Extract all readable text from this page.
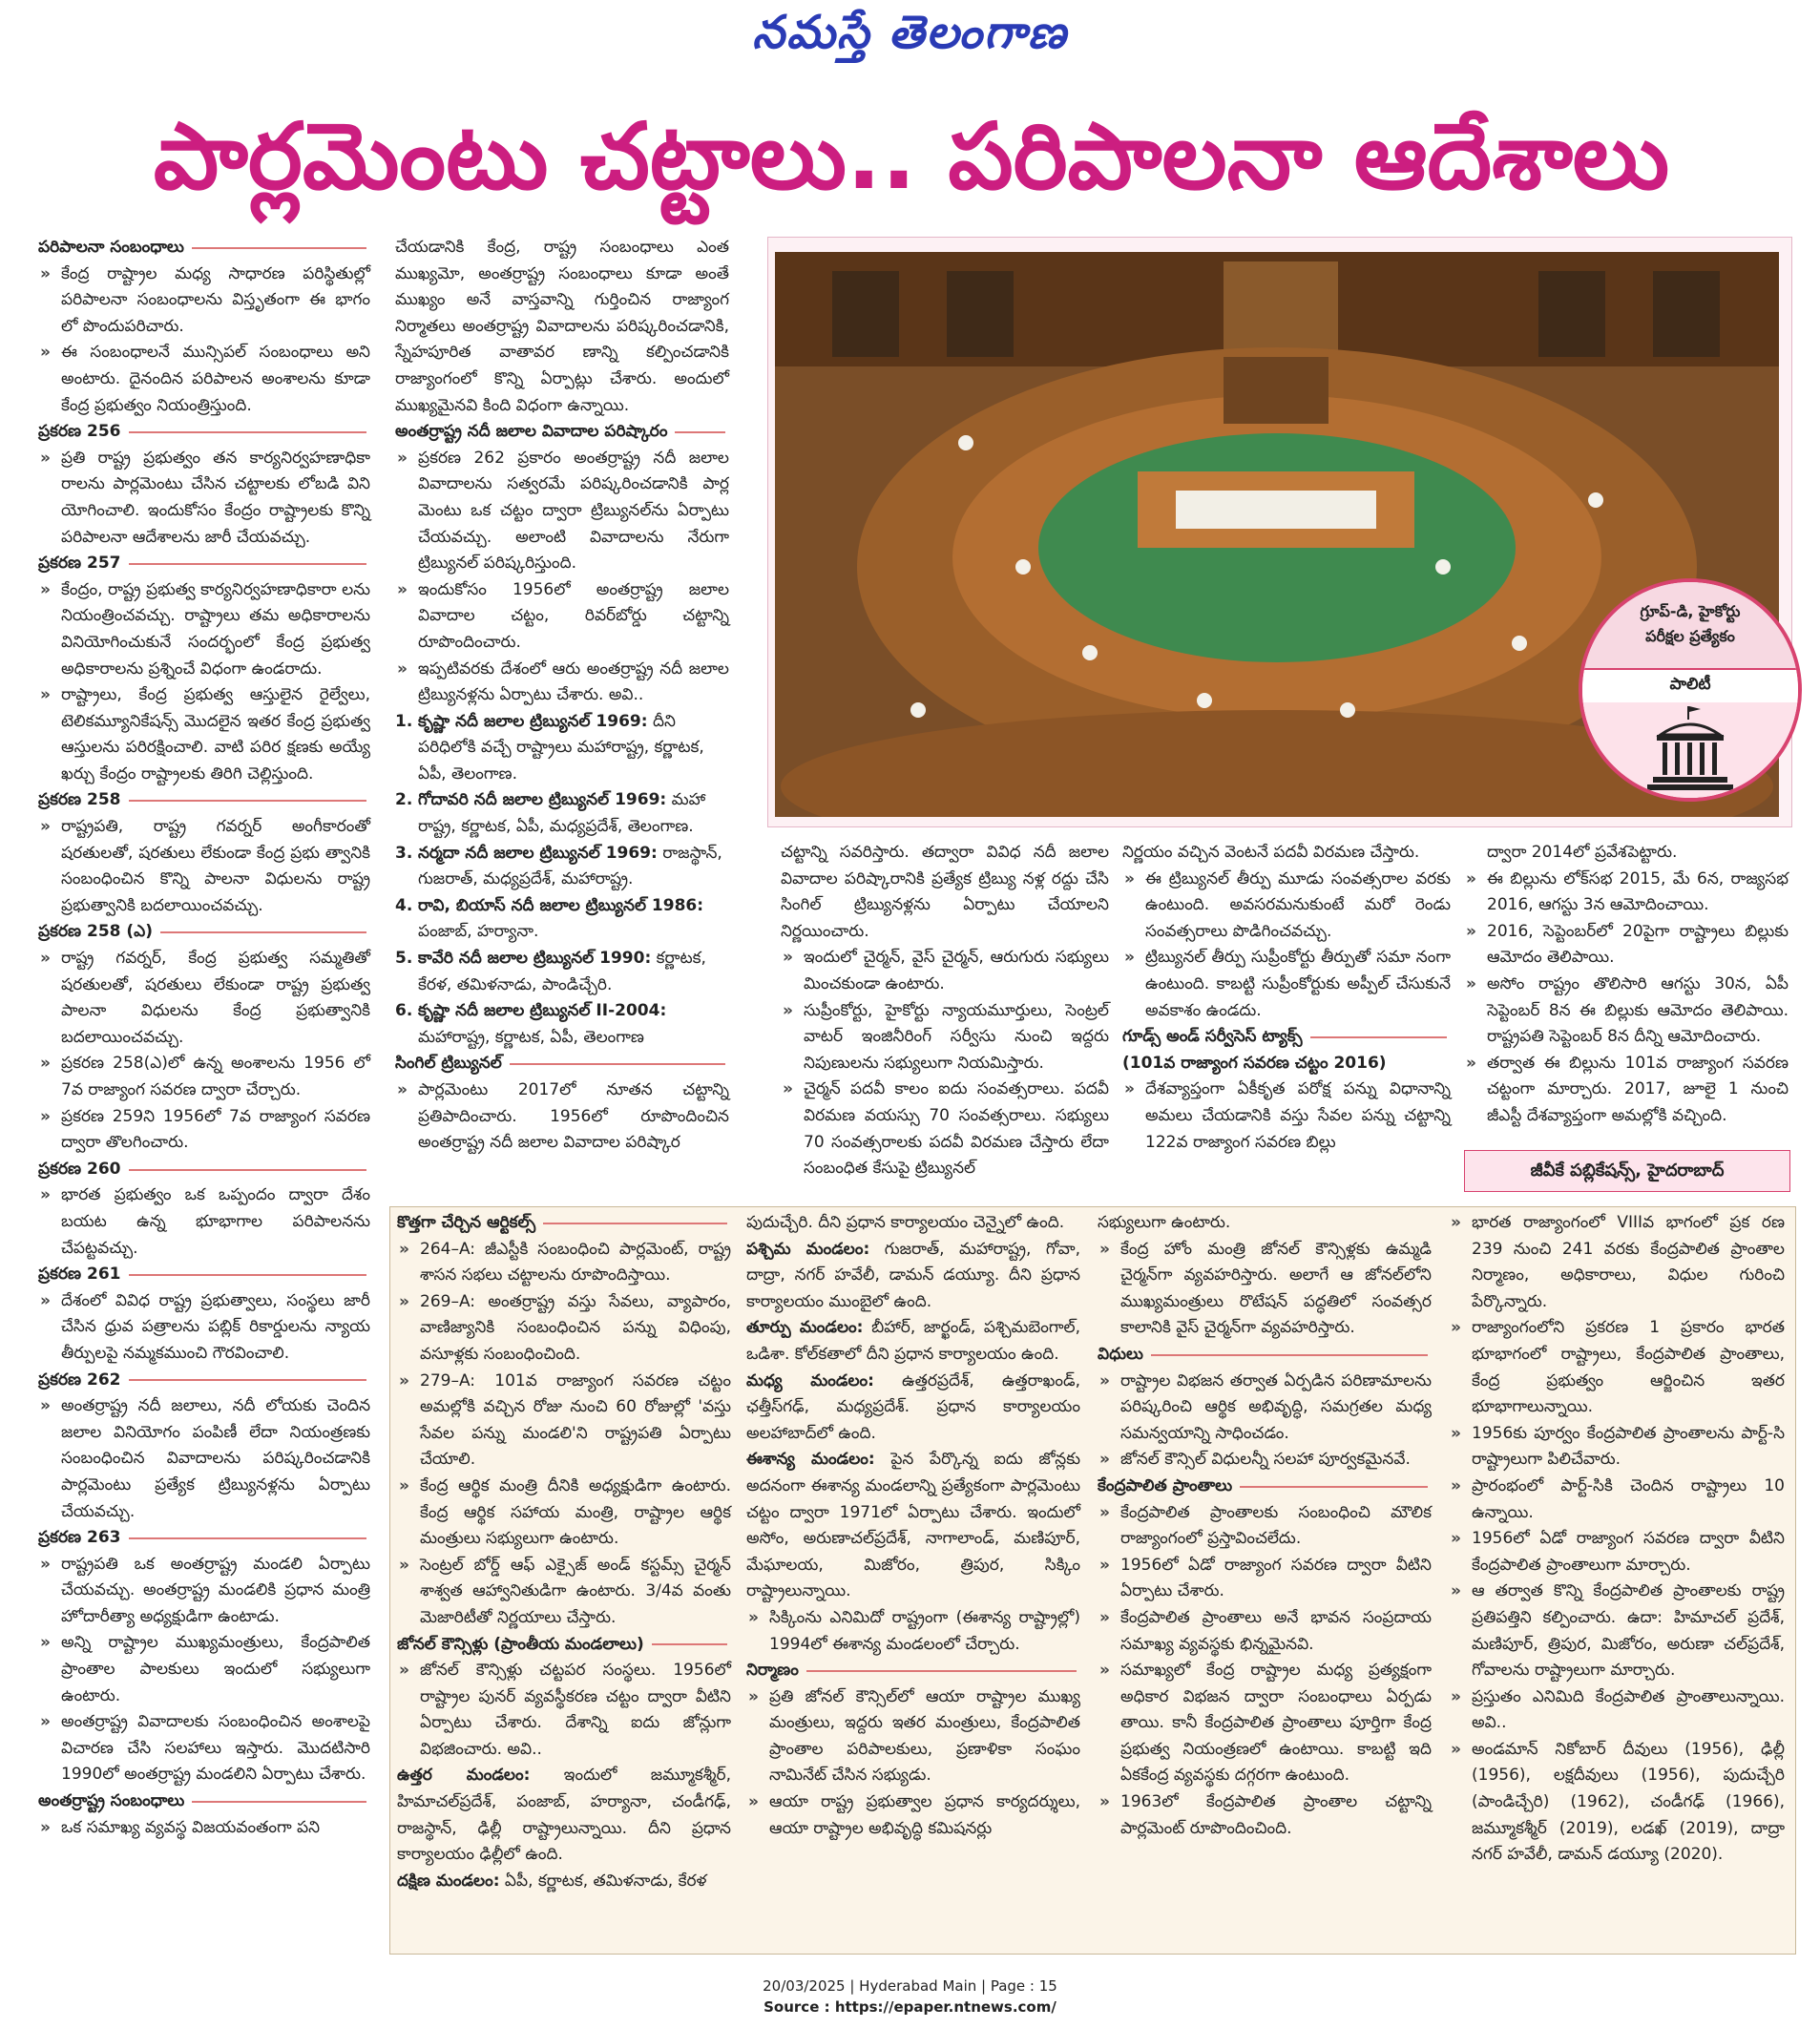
నమస్తే తెలంగాణ
పార్లమెంటు చట్టాలు.. పరిపాలనా ఆదేశాలు

పరిపాలనా సంబంధాలు

» కేంద్ర రాష్ట్రాల మధ్య సాధారణ పరిస్థితుల్లో పరిపాలనా సంబంధాలను విస్తృతంగా ఈ భాగం లో పొందుపరిచారు.

» ఈ సంబంధాలనే మున్సిపల్ సంబంధాలు అని అంటారు. దైనందిన పరిపాలన అంశాలను కూడా కేంద్ర ప్రభుత్వం నియంత్రిస్తుంది.

ప్రకరణ 256

» ప్రతి రాష్ట్ర ప్రభుత్వం తన కార్యనిర్వహణాధికా రాలను పార్లమెంటు చేసిన చట్టాలకు లోబడి విని యోగించాలి. ఇందుకోసం కేంద్రం రాష్ట్రాలకు కొన్ని పరిపాలనా ఆదేశాలను జారీ చేయవచ్చు.

ప్రకరణ 257

» కేంద్రం, రాష్ట్ర ప్రభుత్వ కార్యనిర్వహణాధికారా లను నియంత్రించవచ్చు. రాష్ట్రాలు తమ అధికారాలను వినియోగించుకునే సందర్భంలో కేంద్ర ప్రభుత్వ అధికారాలను ప్రశ్నించే విధంగా ఉండరాదు.

» రాష్ట్రాలు, కేంద్ర ప్రభుత్వ ఆస్తులైన రైల్వేలు, టెలికమ్యూనికేషన్స్ మొదలైన ఇతర కేంద్ర ప్రభుత్వ ఆస్తులను పరిరక్షించాలి. వాటి పరిర క్షణకు అయ్యే ఖర్చు కేంద్రం రాష్ట్రాలకు తిరిగి చెల్లిస్తుంది.

ప్రకరణ 258

» రాష్ట్రపతి, రాష్ట్ర గవర్నర్ అంగీకారంతో షరతులతో, షరతులు లేకుండా కేంద్ర ప్రభు త్వానికి సంబంధించిన కొన్ని పాలనా విధులను రాష్ట్ర ప్రభుత్వానికి బదలాయించవచ్చు.

ప్రకరణ 258 (ఎ)

» రాష్ట్ర గవర్నర్, కేంద్ర ప్రభుత్వ సమ్మతితో షరతులతో, షరతులు లేకుండా రాష్ట్ర ప్రభుత్వ పాలనా విధులను కేంద్ర ప్రభుత్వానికి బదలాయించవచ్చు.

» ప్రకరణ 258(ఎ)లో ఉన్న అంశాలను 1956 లో 7వ రాజ్యాంగ సవరణ ద్వారా చేర్చారు.

» ప్రకరణ 259ని 1956లో 7వ రాజ్యాంగ సవరణ ద్వారా తొలగించారు.

ప్రకరణ 260

» భారత ప్రభుత్వం ఒక ఒప్పందం ద్వారా దేశం బయట ఉన్న భూభాగాల పరిపాలనను చేపట్టవచ్చు.

ప్రకరణ 261

» దేశంలో వివిధ రాష్ట్ర ప్రభుత్వాలు, సంస్థలు జారీ చేసిన ధ్రువ పత్రాలను పబ్లిక్ రికార్డులను న్యాయ తీర్పులపై నమ్మకముంచి గౌరవించాలి.

ప్రకరణ 262

» అంతర్రాష్ట్ర నదీ జలాలు, నదీ లోయకు చెందిన జలాల వినియోగం పంపిణీ లేదా నియంత్రణకు సంబంధించిన వివాదాలను పరిష్కరించడానికి పార్లమెంటు ప్రత్యేక ట్రిబ్యునళ్లను ఏర్పాటు చేయవచ్చు.

ప్రకరణ 263

» రాష్ట్రపతి ఒక అంతర్రాష్ట్ర మండలి ఏర్పాటు చేయవచ్చు. అంతర్రాష్ట్ర మండలికి ప్రధాన మంత్రి హోదారీత్యా అధ్యక్షుడిగా ఉంటాడు.

» అన్ని రాష్ట్రాల ముఖ్యమంత్రులు, కేంద్రపాలిత ప్రాంతాల పాలకులు ఇందులో సభ్యులుగా ఉంటారు.

» అంతర్రాష్ట్ర వివాదాలకు సంబంధించిన అంశాలపై విచారణ చేసి సలహాలు ఇస్తారు. మొదటిసారి 1990లో అంతర్రాష్ట్ర మండలిని ఏర్పాటు చేశారు.

అంతర్రాష్ట్ర సంబంధాలు

» ఒక సమాఖ్య వ్యవస్థ విజయవంతంగా పని

చేయడానికి కేంద్ర, రాష్ట్ర సంబంధాలు ఎంత ముఖ్యమో, అంతర్రాష్ట్ర సంబంధాలు కూడా అంతే ముఖ్యం అనే వాస్తవాన్ని గుర్తించిన రాజ్యాంగ నిర్మాతలు అంతర్రాష్ట్ర వివాదాలను పరిష్కరించడానికి, స్నేహపూరిత వాతావర ణాన్ని కల్పించడానికి రాజ్యాంగంలో కొన్ని ఏర్పాట్లు చేశారు. అందులో ముఖ్యమైనవి కింది విధంగా ఉన్నాయి.

అంతర్రాష్ట్ర నదీ జలాల వివాదాల పరిష్కారం

» ప్రకరణ 262 ప్రకారం అంతర్రాష్ట్ర నదీ జలాల వివాదాలను సత్వరమే పరిష్కరించడానికి పార్ల మెంటు ఒక చట్టం ద్వారా ట్రిబ్యునల్‌ను ఏర్పాటు చేయవచ్చు. అలాంటి వివాదాలను నేరుగా ట్రిబ్యునల్ పరిష్కరిస్తుంది.

» ఇందుకోసం 1956లో అంతర్రాష్ట్ర జలాల వివాదాల చట్టం, రివర్‌బోర్డు చట్టాన్ని రూపొందించారు.

» ఇప్పటివరకు దేశంలో ఆరు అంతర్రాష్ట్ర నదీ జలాల ట్రిబ్యునళ్లను ఏర్పాటు చేశారు. అవి..

1. కృష్ణా నదీ జలాల ట్రిబ్యునల్ 1969: దీని పరిధిలోకి వచ్చే రాష్ట్రాలు మహారాష్ట్ర, కర్ణాటక, ఏపీ, తెలంగాణ.

2. గోదావరి నదీ జలాల ట్రిబ్యునల్ 1969: మహా రాష్ట్ర, కర్ణాటక, ఏపీ, మధ్యప్రదేశ్, తెలంగాణ.

3. నర్మదా నదీ జలాల ట్రిబ్యునల్ 1969: రాజస్థాన్, గుజరాత్, మధ్యప్రదేశ్, మహారాష్ట్ర.

4. రావి, బియాస్ నదీ జలాల ట్రిబ్యునల్ 1986: పంజాబ్, హర్యానా.

5. కావేరి నదీ జలాల ట్రిబ్యునల్ 1990: కర్ణాటక, కేరళ, తమిళనాడు, పాండిచ్చేరి.

6. కృష్ణా నదీ జలాల ట్రిబ్యునల్ II-2004: మహారాష్ట్ర, కర్ణాటక, ఏపీ, తెలంగాణ

సింగిల్ ట్రిబ్యునల్

» పార్లమెంటు 2017లో నూతన చట్టాన్ని ప్రతిపాదించారు. 1956లో రూపొందించిన అంతర్రాష్ట్ర నదీ జలాల వివాదాల పరిష్కార

గ్రూప్-డి, హైకోర్టు
పరీక్షల ప్రత్యేకం
పాలిటీ

చట్టాన్ని సవరిస్తారు. తద్వారా వివిధ నదీ జలాల వివాదాల పరిష్కారానికి ప్రత్యేక ట్రిబ్యు నళ్ల రద్దు చేసి సింగిల్ ట్రిబ్యునళ్లను ఏర్పాటు చేయాలని నిర్ణయించారు.

» ఇందులో చైర్మన్, వైస్ చైర్మన్, ఆరుగురు సభ్యులు మించకుండా ఉంటారు.

» సుప్రీంకోర్టు, హైకోర్టు న్యాయమూర్తులు, సెంట్రల్ వాటర్ ఇంజినీరింగ్ సర్వీసు నుంచి ఇద్దరు నిపుణులను సభ్యులుగా నియమిస్తారు.

» చైర్మన్ పదవీ కాలం ఐదు సంవత్సరాలు. పదవీ విరమణ వయస్సు 70 సంవత్సరాలు. సభ్యులు 70 సంవత్సరాలకు పదవీ విరమణ చేస్తారు లేదా సంబంధిత కేసుపై ట్రిబ్యునల్

నిర్ణయం వచ్చిన వెంటనే పదవీ విరమణ చేస్తారు.

» ఈ ట్రిబ్యునల్ తీర్పు మూడు సంవత్సరాల వరకు ఉంటుంది. అవసరమనుకుంటే మరో రెండు సంవత్సరాలు పొడిగించవచ్చు.

» ట్రిబ్యునల్ తీర్పు సుప్రీంకోర్టు తీర్పుతో సమా నంగా ఉంటుంది. కాబట్టి సుప్రీంకోర్టుకు అప్పీల్ చేసుకునే అవకాశం ఉండదు.

గూడ్స్ అండ్ సర్వీసెస్ ట్యాక్స్

(101వ రాజ్యాంగ సవరణ చట్టం 2016)

» దేశవ్యాప్తంగా ఏకీకృత పరోక్ష పన్ను విధానాన్ని అమలు చేయడానికి వస్తు సేవల పన్ను చట్టాన్ని 122వ రాజ్యాంగ సవరణ బిల్లు

ద్వారా 2014లో ప్రవేశపెట్టారు.

» ఈ బిల్లును లోక్‌సభ 2015, మే 6న, రాజ్యసభ 2016, ఆగస్టు 3న ఆమోదించాయి.

» 2016, సెప్టెంబర్‌లో 20పైగా రాష్ట్రాలు బిల్లుకు ఆమోదం తెలిపాయి.

» అసోం రాష్ట్రం తొలిసారి ఆగస్టు 30న, ఏపీ సెప్టెంబర్ 8న ఈ బిల్లుకు ఆమోదం తెలిపాయి. రాష్ట్రపతి సెప్టెంబర్ 8న దీన్ని ఆమోదించారు.

» తర్వాత ఈ బిల్లును 101వ రాజ్యాంగ సవరణ చట్టంగా మార్చారు. 2017, జూలై 1 నుంచి జీఎస్టీ దేశవ్యాప్తంగా అమల్లోకి వచ్చింది.

జీవీకే పబ్లికేషన్స్, హైదరాబాద్

కొత్తగా చేర్చిన ఆర్టికల్స్

» 264–A: జీఎస్టీకి సంబంధించి పార్లమెంట్, రాష్ట్ర శాసన సభలు చట్టాలను రూపొందిస్తాయి.

» 269–A: అంతర్రాష్ట్ర వస్తు సేవలు, వ్యాపారం, వాణిజ్యానికి సంబంధించిన పన్ను విధింపు, వసూళ్లకు సంబంధించింది.

» 279–A: 101వ రాజ్యాంగ సవరణ చట్టం అమల్లోకి వచ్చిన రోజు నుంచి 60 రోజుల్లో 'వస్తు సేవల పన్ను మండలి'ని రాష్ట్రపతి ఏర్పాటు చేయాలి.

» కేంద్ర ఆర్థిక మంత్రి దీనికి అధ్యక్షుడిగా ఉంటారు. కేంద్ర ఆర్థిక సహాయ మంత్రి, రాష్ట్రాల ఆర్థిక మంత్రులు సభ్యులుగా ఉంటారు.

» సెంట్రల్ బోర్డ్ ఆఫ్ ఎక్సైజ్ అండ్ కస్టమ్స్ చైర్మన్ శాశ్వత ఆహ్వానితుడిగా ఉంటారు. 3/4వ వంతు మెజారిటీతో నిర్ణయాలు చేస్తారు.

జోనల్ కౌన్సిళ్లు (ప్రాంతీయ మండలాలు)

» జోనల్ కౌన్సిళ్లు చట్టపర సంస్థలు. 1956లో రాష్ట్రాల పునర్ వ్యవస్థీకరణ చట్టం ద్వారా వీటిని ఏర్పాటు చేశారు. దేశాన్ని ఐదు జోన్లుగా విభజించారు. అవి..

ఉత్తర మండలం: ఇందులో జమ్మూకశ్మీర్, హిమాచల్‌ప్రదేశ్, పంజాబ్, హర్యానా, చండీగఢ్, రాజస్థాన్, ఢిల్లీ రాష్ట్రాలున్నాయి. దీని ప్రధాన కార్యాలయం ఢిల్లీలో ఉంది.

దక్షిణ మండలం: ఏపీ, కర్ణాటక, తమిళనాడు, కేరళ

పుదుచ్చేరి. దీని ప్రధాన కార్యాలయం చెన్నైలో ఉంది.

పశ్చిమ మండలం: గుజరాత్, మహారాష్ట్ర, గోవా, దాద్రా, నగర్ హవేలీ, డామన్ డయ్యూ. దీని ప్రధాన కార్యాలయం ముంబైలో ఉంది.

తూర్పు మండలం: బీహార్, జార్ఖండ్, పశ్చిమబెంగాల్, ఒడిశా. కోల్‌కతాలో దీని ప్రధాన కార్యాలయం ఉంది.

మధ్య మండలం: ఉత్తరప్రదేశ్, ఉత్తరాఖండ్, ఛత్తీస్‌గఢ్, మధ్యప్రదేశ్. ప్రధాన కార్యాలయం అలహాబాద్‌లో ఉంది.

ఈశాన్య మండలం: పైన పేర్కొన్న ఐదు జోన్లకు అదనంగా ఈశాన్య మండలాన్ని ప్రత్యేకంగా పార్లమెంటు చట్టం ద్వారా 1971లో ఏర్పాటు చేశారు. ఇందులో అసోం, అరుణాచల్‌ప్రదేశ్, నాగాలాండ్, మణిపూర్, మేఘాలయ, మిజోరం, త్రిపుర, సిక్కిం రాష్ట్రాలున్నాయి.

» సిక్కింను ఎనిమిదో రాష్ట్రంగా (ఈశాన్య రాష్ట్రాల్లో) 1994లో ఈశాన్య మండలంలో చేర్చారు.

నిర్మాణం

» ప్రతి జోనల్ కౌన్సిల్‌లో ఆయా రాష్ట్రాల ముఖ్య మంత్రులు, ఇద్దరు ఇతర మంత్రులు, కేంద్రపాలిత ప్రాంతాల పరిపాలకులు, ప్రణాళికా సంఘం నామినేట్ చేసిన సభ్యుడు.

» ఆయా రాష్ట్ర ప్రభుత్వాల ప్రధాన కార్యదర్శులు, ఆయా రాష్ట్రాల అభివృద్ధి కమిషనర్లు

సభ్యులుగా ఉంటారు.

» కేంద్ర హోం మంత్రి జోనల్ కౌన్సిళ్లకు ఉమ్మడి చైర్మన్‌గా వ్యవహరిస్తారు. అలాగే ఆ జోనల్‌లోని ముఖ్యమంత్రులు రొటేషన్ పద్ధతిలో సంవత్సర కాలానికి వైస్ చైర్మన్‌గా వ్యవహరిస్తారు.

విధులు

» రాష్ట్రాల విభజన తర్వాత ఏర్పడిన పరిణామాలను పరిష్కరించి ఆర్థిక అభివృద్ధి, సమగ్రతల మధ్య సమన్వయాన్ని సాధించడం.

» జోనల్ కౌన్సిల్ విధులన్నీ సలహా పూర్వకమైనవే.

కేంద్రపాలిత ప్రాంతాలు

» కేంద్రపాలిత ప్రాంతాలకు సంబంధించి మౌలిక రాజ్యాంగంలో ప్రస్తావించలేదు.

» 1956లో ఏడో రాజ్యాంగ సవరణ ద్వారా వీటిని ఏర్పాటు చేశారు.

» కేంద్రపాలిత ప్రాంతాలు అనే భావన సంప్రదాయ సమాఖ్య వ్యవస్థకు భిన్నమైనవి.

» సమాఖ్యలో కేంద్ర రాష్ట్రాల మధ్య ప్రత్యక్షంగా అధికార విభజన ద్వారా సంబంధాలు ఏర్పడు తాయి. కానీ కేంద్రపాలిత ప్రాంతాలు పూర్తిగా కేంద్ర ప్రభుత్వ నియంత్రణలో ఉంటాయి. కాబట్టి ఇది ఏకకేంద్ర వ్యవస్థకు దగ్గరగా ఉంటుంది.

» 1963లో కేంద్రపాలిత ప్రాంతాల చట్టాన్ని పార్లమెంట్ రూపొందించింది.

» భారత రాజ్యాంగంలో VIIIవ భాగంలో ప్రక రణ 239 నుంచి 241 వరకు కేంద్రపాలిత ప్రాంతాల నిర్మాణం, అధికారాలు, విధుల గురించి పేర్కొన్నారు.

» రాజ్యాంగంలోని ప్రకరణ 1 ప్రకారం భారత భూభాగంలో రాష్ట్రాలు, కేంద్రపాలిత ప్రాంతాలు, కేంద్ర ప్రభుత్వం ఆర్జించిన ఇతర భూభాగాలున్నాయి.

» 1956కు పూర్వం కేంద్రపాలిత ప్రాంతాలను పార్ట్-సి రాష్ట్రాలుగా పిలిచేవారు.

» ప్రారంభంలో పార్ట్-సికి చెందిన రాష్ట్రాలు 10 ఉన్నాయి.

» 1956లో ఏడో రాజ్యాంగ సవరణ ద్వారా వీటిని కేంద్రపాలిత ప్రాంతాలుగా మార్చారు.

» ఆ తర్వాత కొన్ని కేంద్రపాలిత ప్రాంతాలకు రాష్ట్ర ప్రతిపత్తిని కల్పించారు. ఉదా: హిమాచల్ ప్రదేశ్, మణిపూర్, త్రిపుర, మిజోరం, అరుణా చల్‌ప్రదేశ్, గోవాలను రాష్ట్రాలుగా మార్చారు.

» ప్రస్తుతం ఎనిమిది కేంద్రపాలిత ప్రాంతాలున్నాయి. అవి..

» అండమాన్ నికోబార్ దీవులు (1956), ఢిల్లీ (1956), లక్షదీవులు (1956), పుదుచ్చేరి (పాండిచ్చేరి) (1962), చండీగఢ్ (1966), జమ్మూకశ్మీర్ (2019), లడఖ్ (2019), దాద్రా నగర్ హవేలీ, డామన్ డయ్యూ (2020).

20/03/2025 | Hyderabad Main | Page : 15
Source : https://epaper.ntnews.com/
